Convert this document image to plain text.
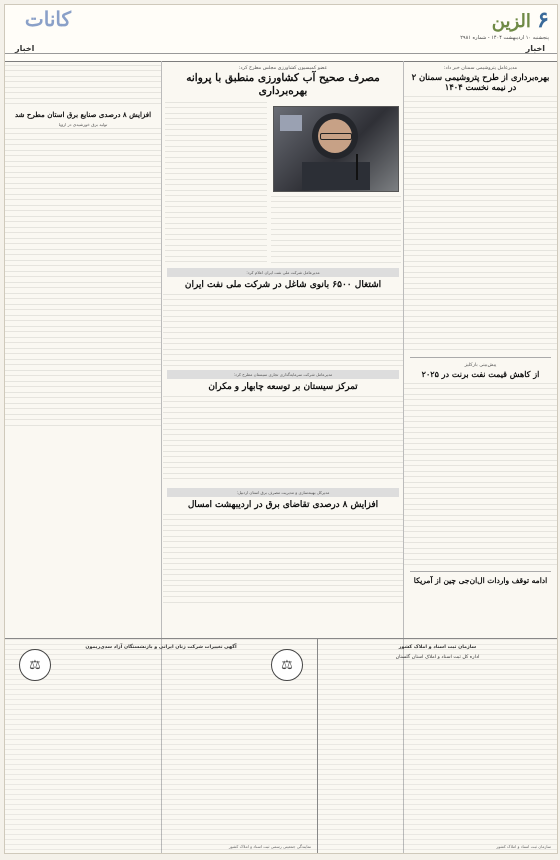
۶ الزين
کانات
پنجشنبه ۱۰ اردیبهشت ۱۴۰۴ - شماره ۲۹۸۱
اخبار
اخبار
مدیرعامل پتروشیمی سمنان خبر داد:
بهره‌برداری از طرح پتروشیمی سمنان ۲ در نیمه نخست ۱۴۰۴
پیش‌بینی بارکلیز
از کاهش قیمت نفت برنت در ۲۰۲۵
ادامه توقف واردات ال‌ان‌جی چین از آمریکا
عضو کمیسیون کشاورزی مجلس مطرح کرد:
مصرف صحیح آب کشاورزی منطبق با پروانه بهره‌برداری
مدیرعامل شرکت ملی نفت ایران اعلام کرد:
اشتغال ۶۵۰۰ بانوی شاغل در شرکت ملی نفت ایران
مدیرعامل شرکت سرمایه‌گذاری تجاری سیستان مطرح کرد:
تمرکز سیستان بر توسعه چابهار و مکران
مدیرکل بهینه‌سازی و مدیریت مصرف برق استان اردبیل:
افزایش ۸ درصدی تقاضای برق در اردیبهشت امسال
افزایش ۸ درصدی صنایع برق استان مطرح شد
تولید برق خورشیدی در اروپا
⚖	⚖
آگهی تغییرات شرکت زنان ایرانی و بازنشستگان آزاد سدی‌ریمون
نمایندگی جمعیتی رسمی ثبت اسناد و املاک کشور
سازمان ثبت اسناد و املاک کشور
اداره کل ثبت اسناد و املاک استان گلستان
سازمان ثبت اسناد و املاک کشور
